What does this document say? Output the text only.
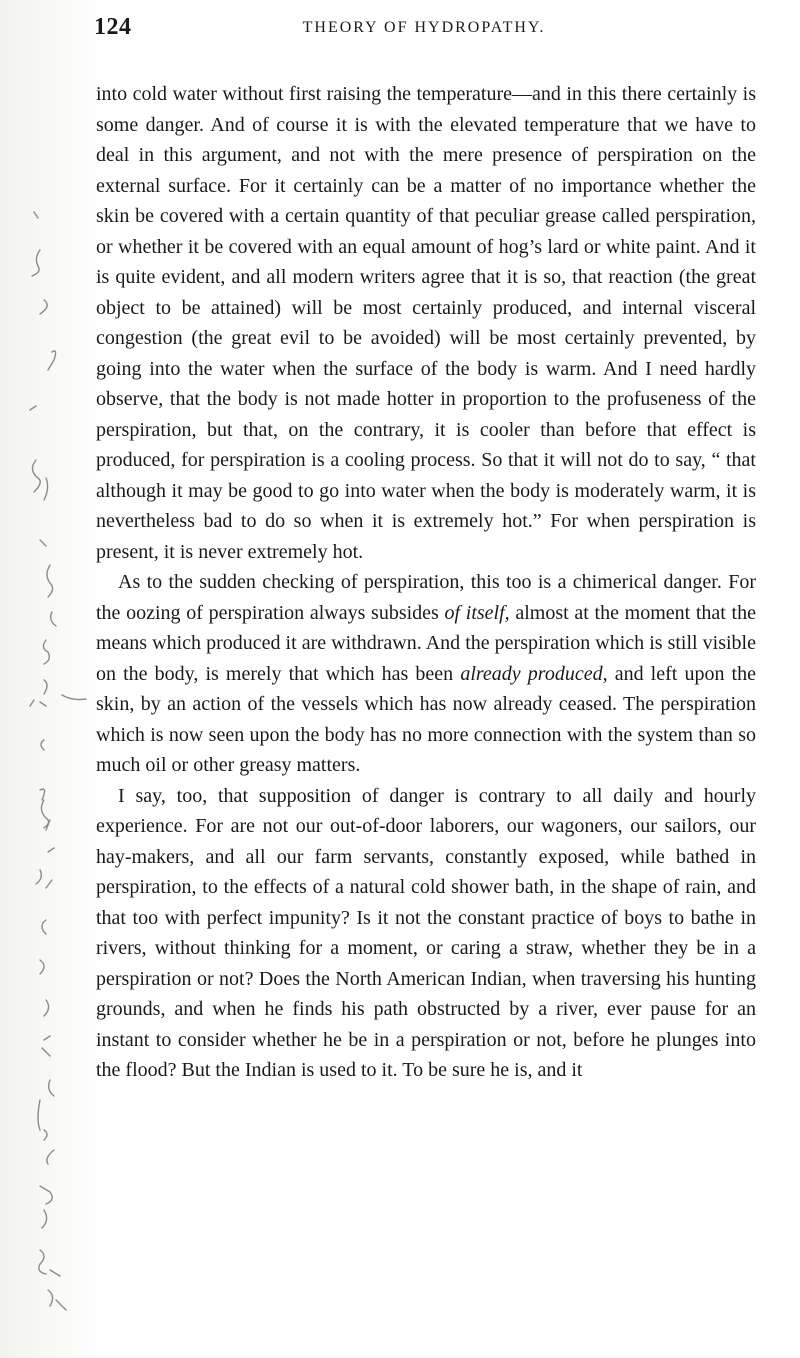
124	THEORY OF HYDROPATHY.

into cold water without first raising the temperature—and in this there certainly is some danger. And of course it is with the elevated temperature that we have to deal in this argument, and not with the mere presence of perspiration on the external surface. For it certainly can be a matter of no importance whether the skin be covered with a certain quantity of that peculiar grease called perspiration, or whether it be covered with an equal amount of hog’s lard or white paint. And it is quite evident, and all modern writers agree that it is so, that reaction (the great object to be attained) will be most certainly produced, and internal visceral congestion (the great evil to be avoided) will be most certainly prevented, by going into the water when the surface of the body is warm. And I need hardly observe, that the body is not made hotter in proportion to the profuseness of the perspiration, but that, on the contrary, it is cooler than before that effect is produced, for perspiration is a cooling process. So that it will not do to say, “ that although it may be good to go into water when the body is moderately warm, it is nevertheless bad to do so when it is extremely hot.” For when perspiration is present, it is never extremely hot.

As to the sudden checking of perspiration, this too is a chimerical danger. For the oozing of perspiration always subsides of itself, almost at the moment that the means which produced it are withdrawn. And the perspiration which is still visible on the body, is merely that which has been already produced, and left upon the skin, by an action of the vessels which has now already ceased. The perspiration which is now seen upon the body has no more connection with the system than so much oil or other greasy matters.

I say, too, that supposition of danger is contrary to all daily and hourly experience. For are not our out-of-door laborers, our wagoners, our sailors, our hay-makers, and all our farm servants, constantly exposed, while bathed in perspiration, to the effects of a natural cold shower bath, in the shape of rain, and that too with perfect impunity? Is it not the constant practice of boys to bathe in rivers, without thinking for a moment, or caring a straw, whether they be in a perspiration or not? Does the North American Indian, when traversing his hunting grounds, and when he finds his path obstructed by a river, ever pause for an instant to consider whether he be in a perspiration or not, before he plunges into the flood? But the Indian is used to it. To be sure he is, and it
